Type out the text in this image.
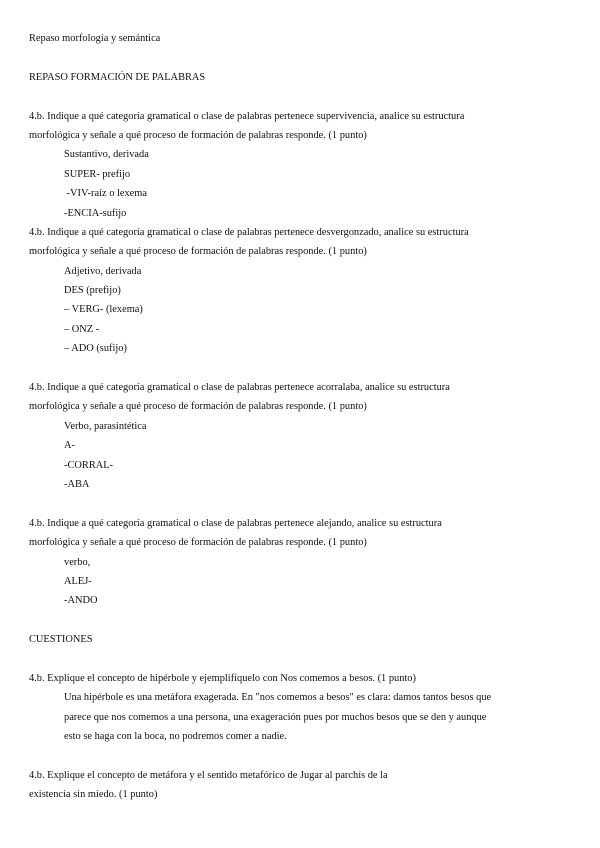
Repaso morfología y semántica
REPASO FORMACIÓN DE PALABRAS
4.b. Indique a qué categoría gramatical o clase de palabras pertenece supervivencia, analice su estructura
morfológica y señale a qué proceso de formación de palabras responde. (1 punto)
Sustantivo, derivada
SUPER- prefijo
-VIV-raíz o lexema
-ENCIA-sufijo
4.b. Indique a qué categoría gramatical o clase de palabras pertenece desvergonzado, analice su estructura
morfológica y señale a qué proceso de formación de palabras responde. (1 punto)
Adjetivo, derivada
DES (prefijo)
– VERG- (lexema)
– ONZ -
– ADO (sufijo)
4.b. Indique a qué categoría gramatical o clase de palabras pertenece acorralaba, analice su estructura
morfológica y señale a qué proceso de formación de palabras responde. (1 punto)
Verbo, parasintética
A-
-CORRAL-
-ABA
4.b. Indique a qué categoría gramatical o clase de palabras pertenece alejando, analice su estructura
morfológica y señale a qué proceso de formación de palabras responde. (1 punto)
verbo,
ALEJ-
-ANDO
CUESTIONES
4.b. Explique el concepto de hipérbole y ejemplifíquelo con Nos comemos a besos. (1 punto)
Una hipérbole es una metáfora exagerada. En "nos comemos a besos" es clara: damos tantos besos que
parece que nos comemos a una persona, una exageración pues por muchos besos que se den y aunque
esto se haga con la boca, no podremos comer a nadie.
4.b. Explique el concepto de metáfora y el sentido metafórico de Jugar al parchís de la
existencia sin miedo. (1 punto)
